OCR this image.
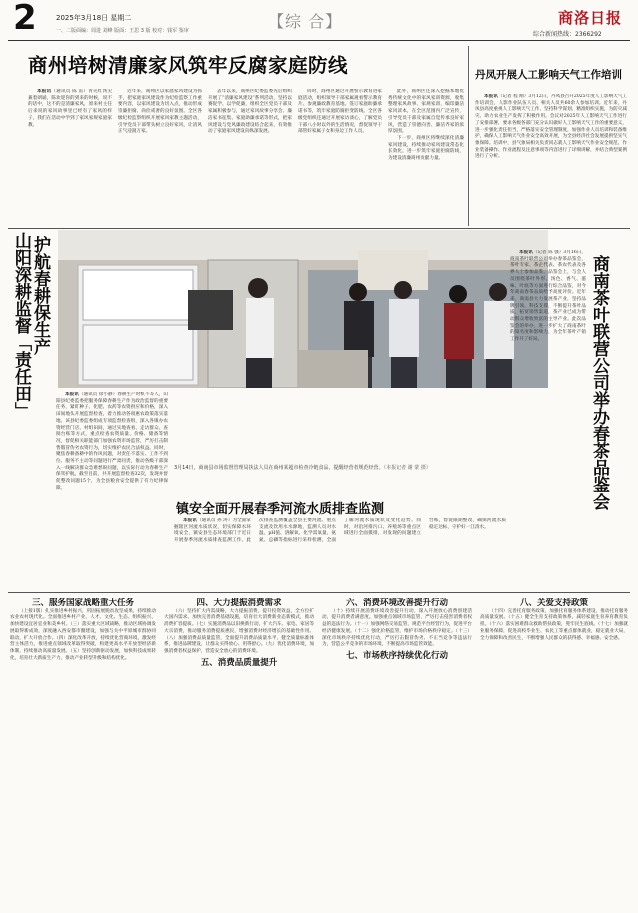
2	2025年3月18日 星期二
一、二版面编：周进 刘峰 版面：王思 3 版 校对：钱军 鉴审	【综 合】	商洛日报
综合新闻热线：2366292
商州培树清廉家风筑牢反腐家庭防线	丹凤开展人工影响天气工作培训

本报讯（通讯员 陈 雷）青壳红汤尖兼着朗诵，陈欢迎你的到来的时候，说不的话中，这不的是清廉家风，原来村主任后来说的家风故事里已经有了家风的样子，我们在活动中学到了家风家规家庭家教。

近年来，商州区以家庭家风建设为抓手，把家庭家风建设作为纪检监察工作重要内容，以家风建设为切入点，推动形成崇廉拒腐、尚俭戒奢的良好氛围。全区各级纪检监察组织开展家风家教主题活动，引导党员干部带头树立良好家风，让清风正气浸润万家。

去年以来，商州区纪委监委先后组织开展了“清廉家风建设”系列活动，坚持以赛促学、以学促廉，组织全区党员干部及家属积极参与，通过家风故事分享会、廉洁家书征集、家庭助廉承诺等形式，把家风建设与党风廉政建设结合起来，有效推动了家庭家风建设向纵深发展。

同时，商州区通过开展警示教育进家庭活动，组织领导干部家属观看警示教育片、参观廉政教育基地、签订家庭助廉承诺书等，筑牢家庭防腐拒变防线。全区各级党组织还通过开展家访谈心，了解党员干部八小时以外的生活情况，督促领导干部管好家属子女和身边工作人员。

此外，商州区还深入挖掘本地优秀传统文化中的家风家训资源，收集整理家风故事、家规家训，编印廉洁家风读本，在全区范围内广泛宣传，引导党员干部及家属自觉传承良好家风，营造了崇德向善、廉洁齐家的浓厚氛围。

下一步，商州区将继续深化清廉家风建设，持续推动家风建设常态化长效化，进一步筑牢家庭拒腐防线，为建设清廉商州贡献力量。

本报讯（记者 程 刚）3月12日，丹凤县召开2025年度人工影响天气工作培训会，人影作业队伍人员、相关人员共60余人参加培训。近年来，丹凤县高度重视人工影响天气工作，坚持科学谋划，精准组织实施，为防灾减灾、助力农业生产发挥了积极作用。会议对2025年人工影响天气工作进行了安排部署，要求各级各部门充分认识做好人工影响天气工作的重要意义，进一步强化责任担当，严格落实安全管理制度，加强作业人员培训和装备维护，确保人工影响天气作业安全高效开展，为全县经济社会发展提供坚实气象保障。培训中，县气象局相关负责同志就人工影响天气作业安全规范、作业装备操作、作业流程及注意事项等内容进行了详细讲解，并结合典型案例进行了分析。

山阳深耕监督「责任田」 护航春耕保生产
3月14日，商南县市场监督管理局执法人员在商州某超市检查冷链食品，提醒经营者规范经营。（本报记者 谢 蒙 摄）	商南茶叶联营公司举办春茶品鉴会

本报讯（记者 陈 强）3月16日，商南茶叶联营公司举办春茶品鉴会，茶叶专家、茶企代表、茶农代表及各界人士参加品鉴。品鉴会上，与会人员围绕茶叶外形、汤色、香气、滋味、叶底等方面进行综合品鉴，对今年商南春茶品质给予高度评价。近年来，商南县大力发展茶产业，坚持品牌引领、科技支撑，不断提升茶叶品质，拓宽销售渠道，茶产业已成为带动群众增收致富的主导产业。此次品鉴会的举办，进一步扩大了商南茶叶的知名度和影响力，为全年茶叶产销工作开了好局。

镇安全面开展春季河流水质排查监测

本报讯（通讯员 孙 涛）为全面掌握辖区河流水质状况，切实保障水环境安全，镇安县生态环境部门于近日开展春季河流水质排查监测工作。此次排查监测覆盖全县主要河流、重点支流及饮用水水源地，监测人员对水温、pH值、溶解氧、化学需氧量、氨氮、总磷等指标进行采样检测，全面了解河流水质现状及变化趋势。同时，对沿河排污口、养殖场等重点区域进行全面摸排，对发现的问题建立台账，督促限期整改，确保河流水质稳定达标，守护好一江清水。

本报讯（通讯员 徐小静）春耕生产时机不等人，山阳县纪委监委把服务保障春耕生产作为政治监督的重要任务，紧盯种子、化肥、农药等农资供应和价格，深入田间地头开展监督检查，着力推动各项惠农政策落实落地。该县纪委监委组成专项监督检查组，深入各镇办农资经营门店、村组田间，通过实地查看、走访群众、查阅台账等方式，重点检查农资质量、价格、储备等情况，督促相关职能部门加强农资市场监管，严厉打击制售假冒伪劣农资行为，切实维护农民合法权益。同时，聚焦春耕备耕中的作风问题，对责任不落实、工作不到位、服务不主动等问题进行严肃问责，推动各级干部深入一线解决群众急难愁盼问题，以实际行动为春耕生产保驾护航。截至目前，共开展监督检查32次，发现并督促整改问题15个，为全县粮食安全提供了有力纪律保障。

三、服务国家战略重大任务

（上接1版）扎实推进乡村振兴，巩固拓展脱贫攻坚成果，持续推动农业农村现代化。全面推进乡村产业、人才、文化、生态、组织振兴，加快建设宜居宜业和美乡村。（三）落实重大区域战略，推动区域协调发展取得新成效，深度融入西安都市圈建设，加强与关中平原城市群协同联动，扩大开放合作。（四）深化改革开放，持续优化营商环境，激发经营主体活力，推进重点领域改革取得突破，构建更高水平开放型经济新体制，持续推动高质量发展。（五）坚持创新驱动发展，加快科技成果转化，培育壮大新质生产力，推动产业转型升级和结构优化。

四、大力提振消费需求

（六）坚持扩大内需战略，大力提振消费，提升投资效益，全方位扩大国内需求。加快完善消费基础设施，培育壮大消费新业态新模式，推动消费扩容提质。（七）实施消费品以旧换新行动，扩大汽车、家电、家居等大宗消费，推动服务消费提质惠民，增强消费对经济增长的基础性作用。（八）加强消费品质量监管，全面提升消费品质量水平，健全质量标准体系，推进品牌建设，让群众买得放心、用得舒心。（九）优化消费环境，加强消费者权益保护，营造安全放心的消费环境。

五、消费品质量提升
六、消费环境改善提升行动

（十）持续开展消费环境改善提升行动，深入开展放心消费创建活动，提升消费者满意度。加强重点领域市场监管，严厉打击侵害消费者权益的违法行为。（十一）加强网络交易监管，规范平台经营行为，促进平台经济健康发展。（十二）强化价格监管，维护市场价格秩序稳定。（十三）深化市场秩序持续优化行动，严厉打击假冒伪劣、不正当竞争等违法行为，营造公平竞争的市场环境，不断提高市场监管效能。

七、市场秩序持续优化行动
八、关爱支持政策

（十四）完善托育服务政策，加强托育服务体系建设，推动托育服务高质量发展。（十五）健全生育支持政策体系，减轻家庭生育养育教育负担。（十六）落实困难群众救助帮扶政策，兜牢民生底线。（十七）加强就业服务保障，促进高校毕业生、农民工等重点群体就业，稳定就业大局，全力保障和改善民生，不断增强人民群众的获得感、幸福感、安全感。
